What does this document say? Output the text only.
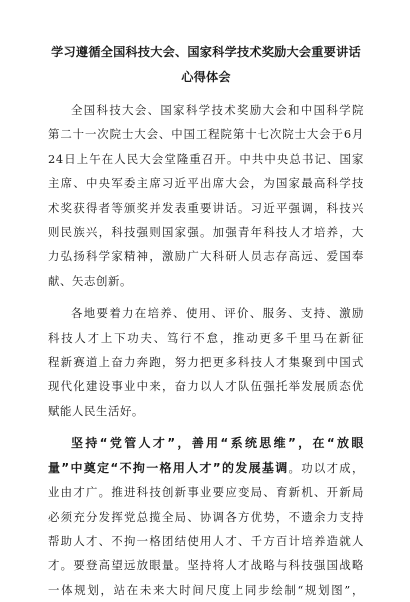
学习遵循全国科技大会、国家科学技术奖励大会重要讲话
心得体会
全国科技大会、国家科学技术奖励大会和中国科学院
第二十一次院士大会、中国工程院第十七次院士大会于6月
24日上午在人民大会堂隆重召开。中共中央总书记、国家
主席、中央军委主席习近平出席大会，为国家最高科学技
术奖获得者等颁奖并发表重要讲话。习近平强调，科技兴
则民族兴，科技强则国家强。加强青年科技人才培养，大
力弘扬科学家精神，激励广大科研人员志存高远、爱国奉
献、矢志创新。
各地要着力在培养、使用、评价、服务、支持、激励
科技人才上下功夫、笃行不怠，推动更多千里马在新征
程新赛道上奋力奔跑，努力把更多科技人才集聚到中国式
现代化建设事业中来，奋力以人才队伍强托举发展质态优
赋能人民生活好。
坚持“党管人才”，善用“系统思维”，在“放眼
量”中奠定“不拘一格用人才”的发展基调。功以才成，
业由才广。推进科技创新事业要应变局、育新机、开新局
必须充分发挥党总揽全局、协调各方优势，不遗余力支持
帮助人才、不拘一格团结使用人才、千方百计培养造就人
才。要登高望远放眼量。坚持将人才战略与科技强国战略
一体规划，站在未来大时间尺度上同步绘制“规划图”，
